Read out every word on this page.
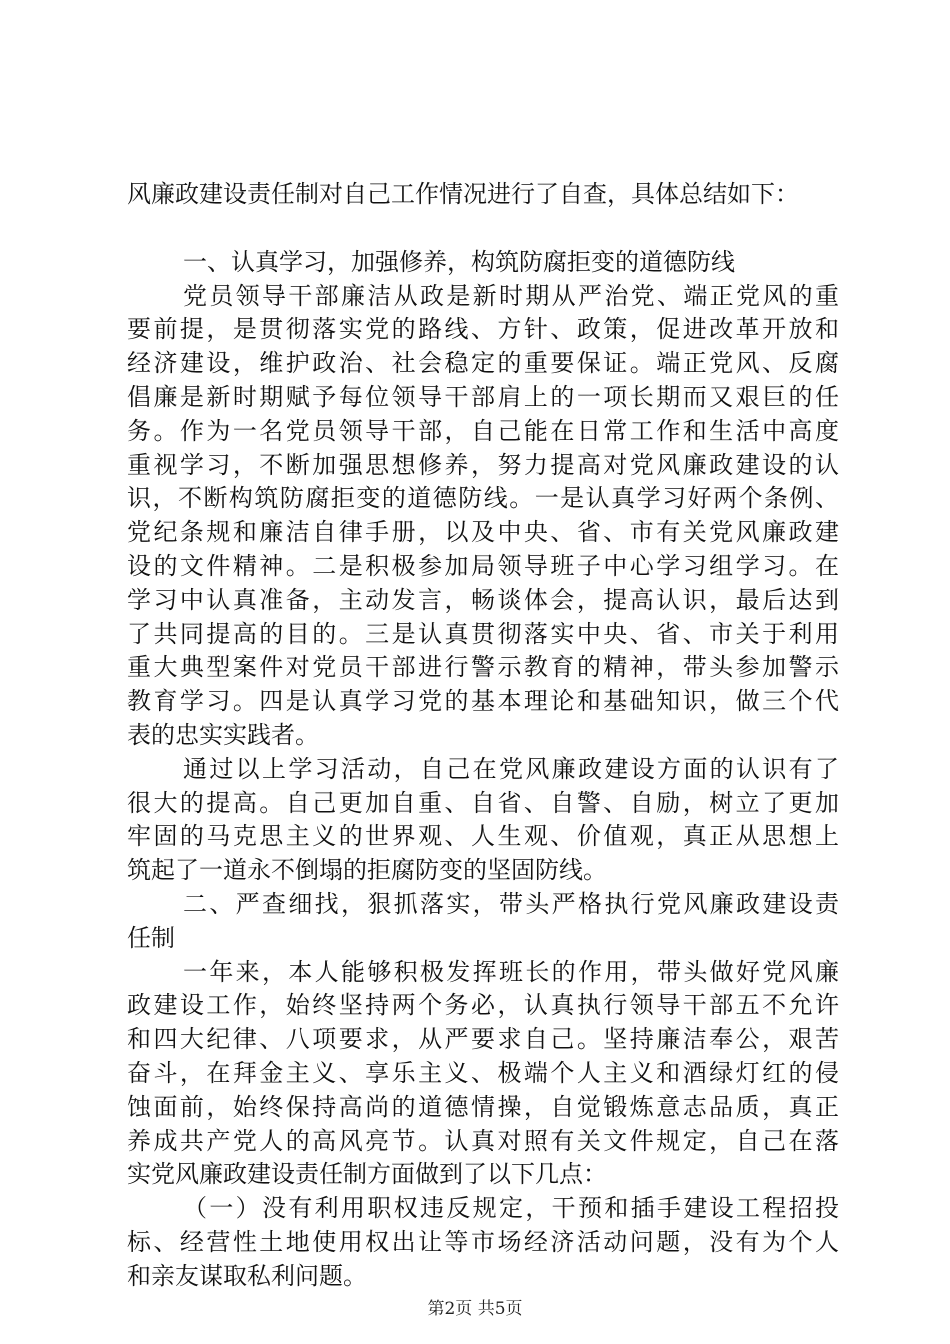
风廉政建设责任制对自己工作情况进行了自查，具体总结如下：
一、认真学习，加强修养，构筑防腐拒变的道德防线
党员领导干部廉洁从政是新时期从严治党、端正党风的重
要前提，是贯彻落实党的路线、方针、政策，促进改革开放和
经济建设，维护政治、社会稳定的重要保证。端正党风、反腐
倡廉是新时期赋予每位领导干部肩上的一项长期而又艰巨的任
务。作为一名党员领导干部，自己能在日常工作和生活中高度
重视学习，不断加强思想修养，努力提高对党风廉政建设的认
识，不断构筑防腐拒变的道德防线。一是认真学习好两个条例、
党纪条规和廉洁自律手册，以及中央、省、市有关党风廉政建
设的文件精神。二是积极参加局领导班子中心学习组学习。在
学习中认真准备，主动发言，畅谈体会，提高认识，最后达到
了共同提高的目的。三是认真贯彻落实中央、省、市关于利用
重大典型案件对党员干部进行警示教育的精神，带头参加警示
教育学习。四是认真学习党的基本理论和基础知识，做三个代
表的忠实实践者。
通过以上学习活动，自己在党风廉政建设方面的认识有了
很大的提高。自己更加自重、自省、自警、自励，树立了更加
牢固的马克思主义的世界观、人生观、价值观，真正从思想上
筑起了一道永不倒塌的拒腐防变的坚固防线。
二、严查细找，狠抓落实，带头严格执行党风廉政建设责
任制
一年来，本人能够积极发挥班长的作用，带头做好党风廉
政建设工作，始终坚持两个务必，认真执行领导干部五不允许
和四大纪律、八项要求，从严要求自己。坚持廉洁奉公，艰苦
奋斗，在拜金主义、享乐主义、极端个人主义和酒绿灯红的侵
蚀面前，始终保持高尚的道德情操，自觉锻炼意志品质，真正
养成共产党人的高风亮节。认真对照有关文件规定，自己在落
实党风廉政建设责任制方面做到了以下几点：
（一）没有利用职权违反规定，干预和插手建设工程招投
标、经营性土地使用权出让等市场经济活动问题，没有为个人
和亲友谋取私利问题。
第2页 共5页
